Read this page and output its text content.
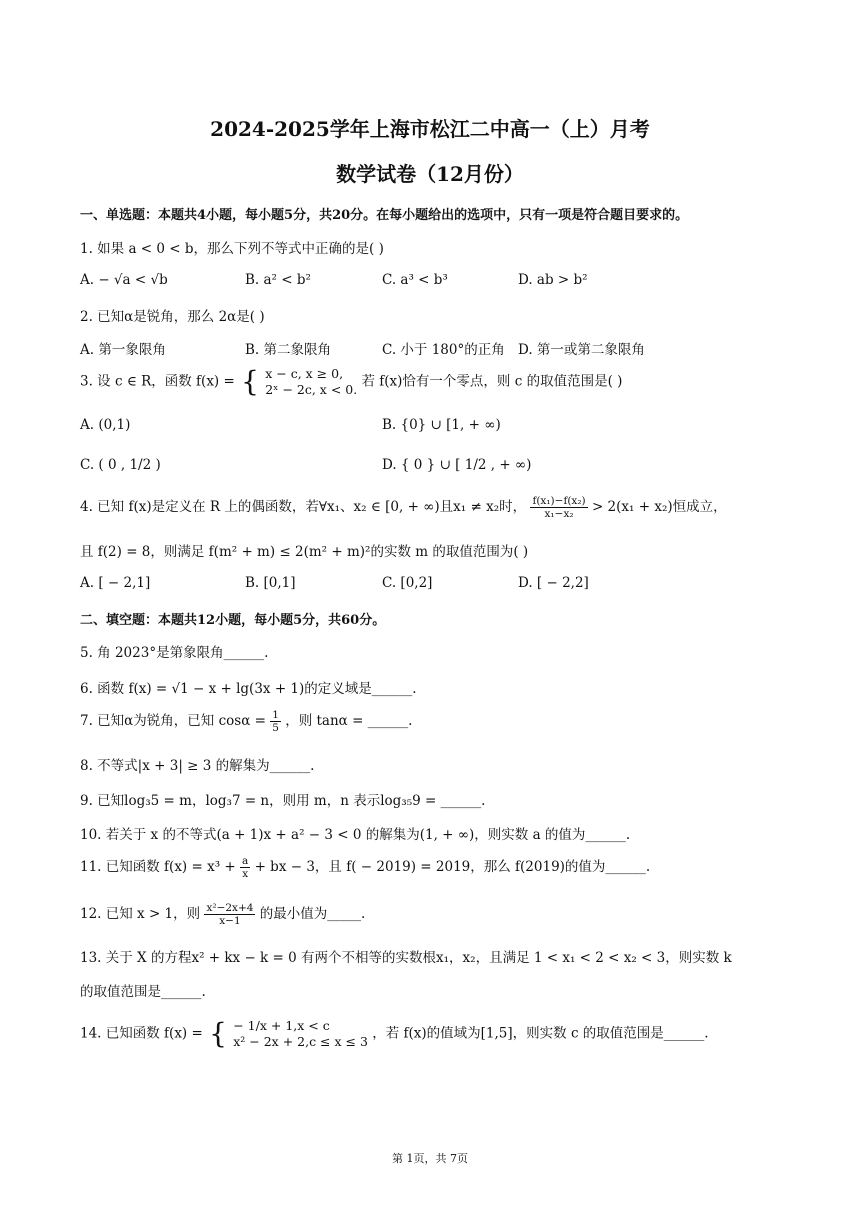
2024-2025学年上海市松江二中高一（上）月考
数学试卷（12月份）
一、单选题：本题共4小题，每小题5分，共20分。在每小题给出的选项中，只有一项是符合题目要求的。
1. 如果 a < 0 < b，那么下列不等式中正确的是( )
A. − √a < √b	B. a² < b²	C. a³ < b³	D. ab > b²
2. 已知α是锐角，那么 2α是( )
A. 第一象限角	B. 第二象限角	C. 小于 180°的正角 D. 第一或第二象限角
3. 设 c ∈ R，函数 f(x) = { x − c, x ≥ 0,
2ˣ − 2c, x < 0. 若 f(x)恰有一个零点，则 c 的取值范围是( )
A. (0,1)	B. {0} ∪ [1, + ∞)
C. ( 0 , 1/2 )	D. { 0 } ∪ [ 1/2 , + ∞)
4. 已知 f(x)是定义在 R 上的偶函数，若∀x₁、x₂ ∈ [0, + ∞)且x₁ ≠ x₂时， $\frac{\text{f(x₁)−f(x₂)}}{\text{x₁−x₂}} > 2(x_1 + x_2)$恒成立，
且 f(2) = 8，则满足 f(m² + m) ≤ 2(m² + m)²的实数 m 的取值范围为( )
A. [ − 2,1]	B. [0,1]	C. [0,2]	D. [ − 2,2]
二、填空题：本题共12小题，每小题5分，共60分。
5. 角 2023°是第象限角______.
6. 函数 f(x) = √1 − x + lg(3x + 1)的定义域是______.
7. 已知α为锐角，已知 $\cos\alpha = \frac{1}{5}$ ，则 tanα = ______.
8. 不等式|x + 3| ≥ 3 的解集为______.
9. 已知log₃5 = m，log₃7 = n，则用 m，n 表示log₃₅9 = ______.
10. 若关于 x 的不等式(a + 1)x + a² − 3 < 0 的解集为(1, + ∞)，则实数 a 的值为______.
11. 已知函数 $f(x) = x^3 + \frac{a}{x}$ + bx − 3，且 f( − 2019) = 2019，那么 f(2019)的值为______.
12. 已知 x > 1，则 $\frac{\text{x²−2x+4}}{x-1}$ 的最小值为_____.
13. 关于 X 的方程x² + kx − k = 0 有两个不相等的实数根x₁，x₂，且满足 1 < x₁ < 2 < x₂ < 3，则实数 k
的取值范围是______.
14. 已知函数 f(x) = { − 1/x + 1,x < c
x² − 2x + 2,c ≤ x ≤ 3 ，若 f(x)的值域为[1,5]，则实数 c 的取值范围是______.
第 1页，共 7页
